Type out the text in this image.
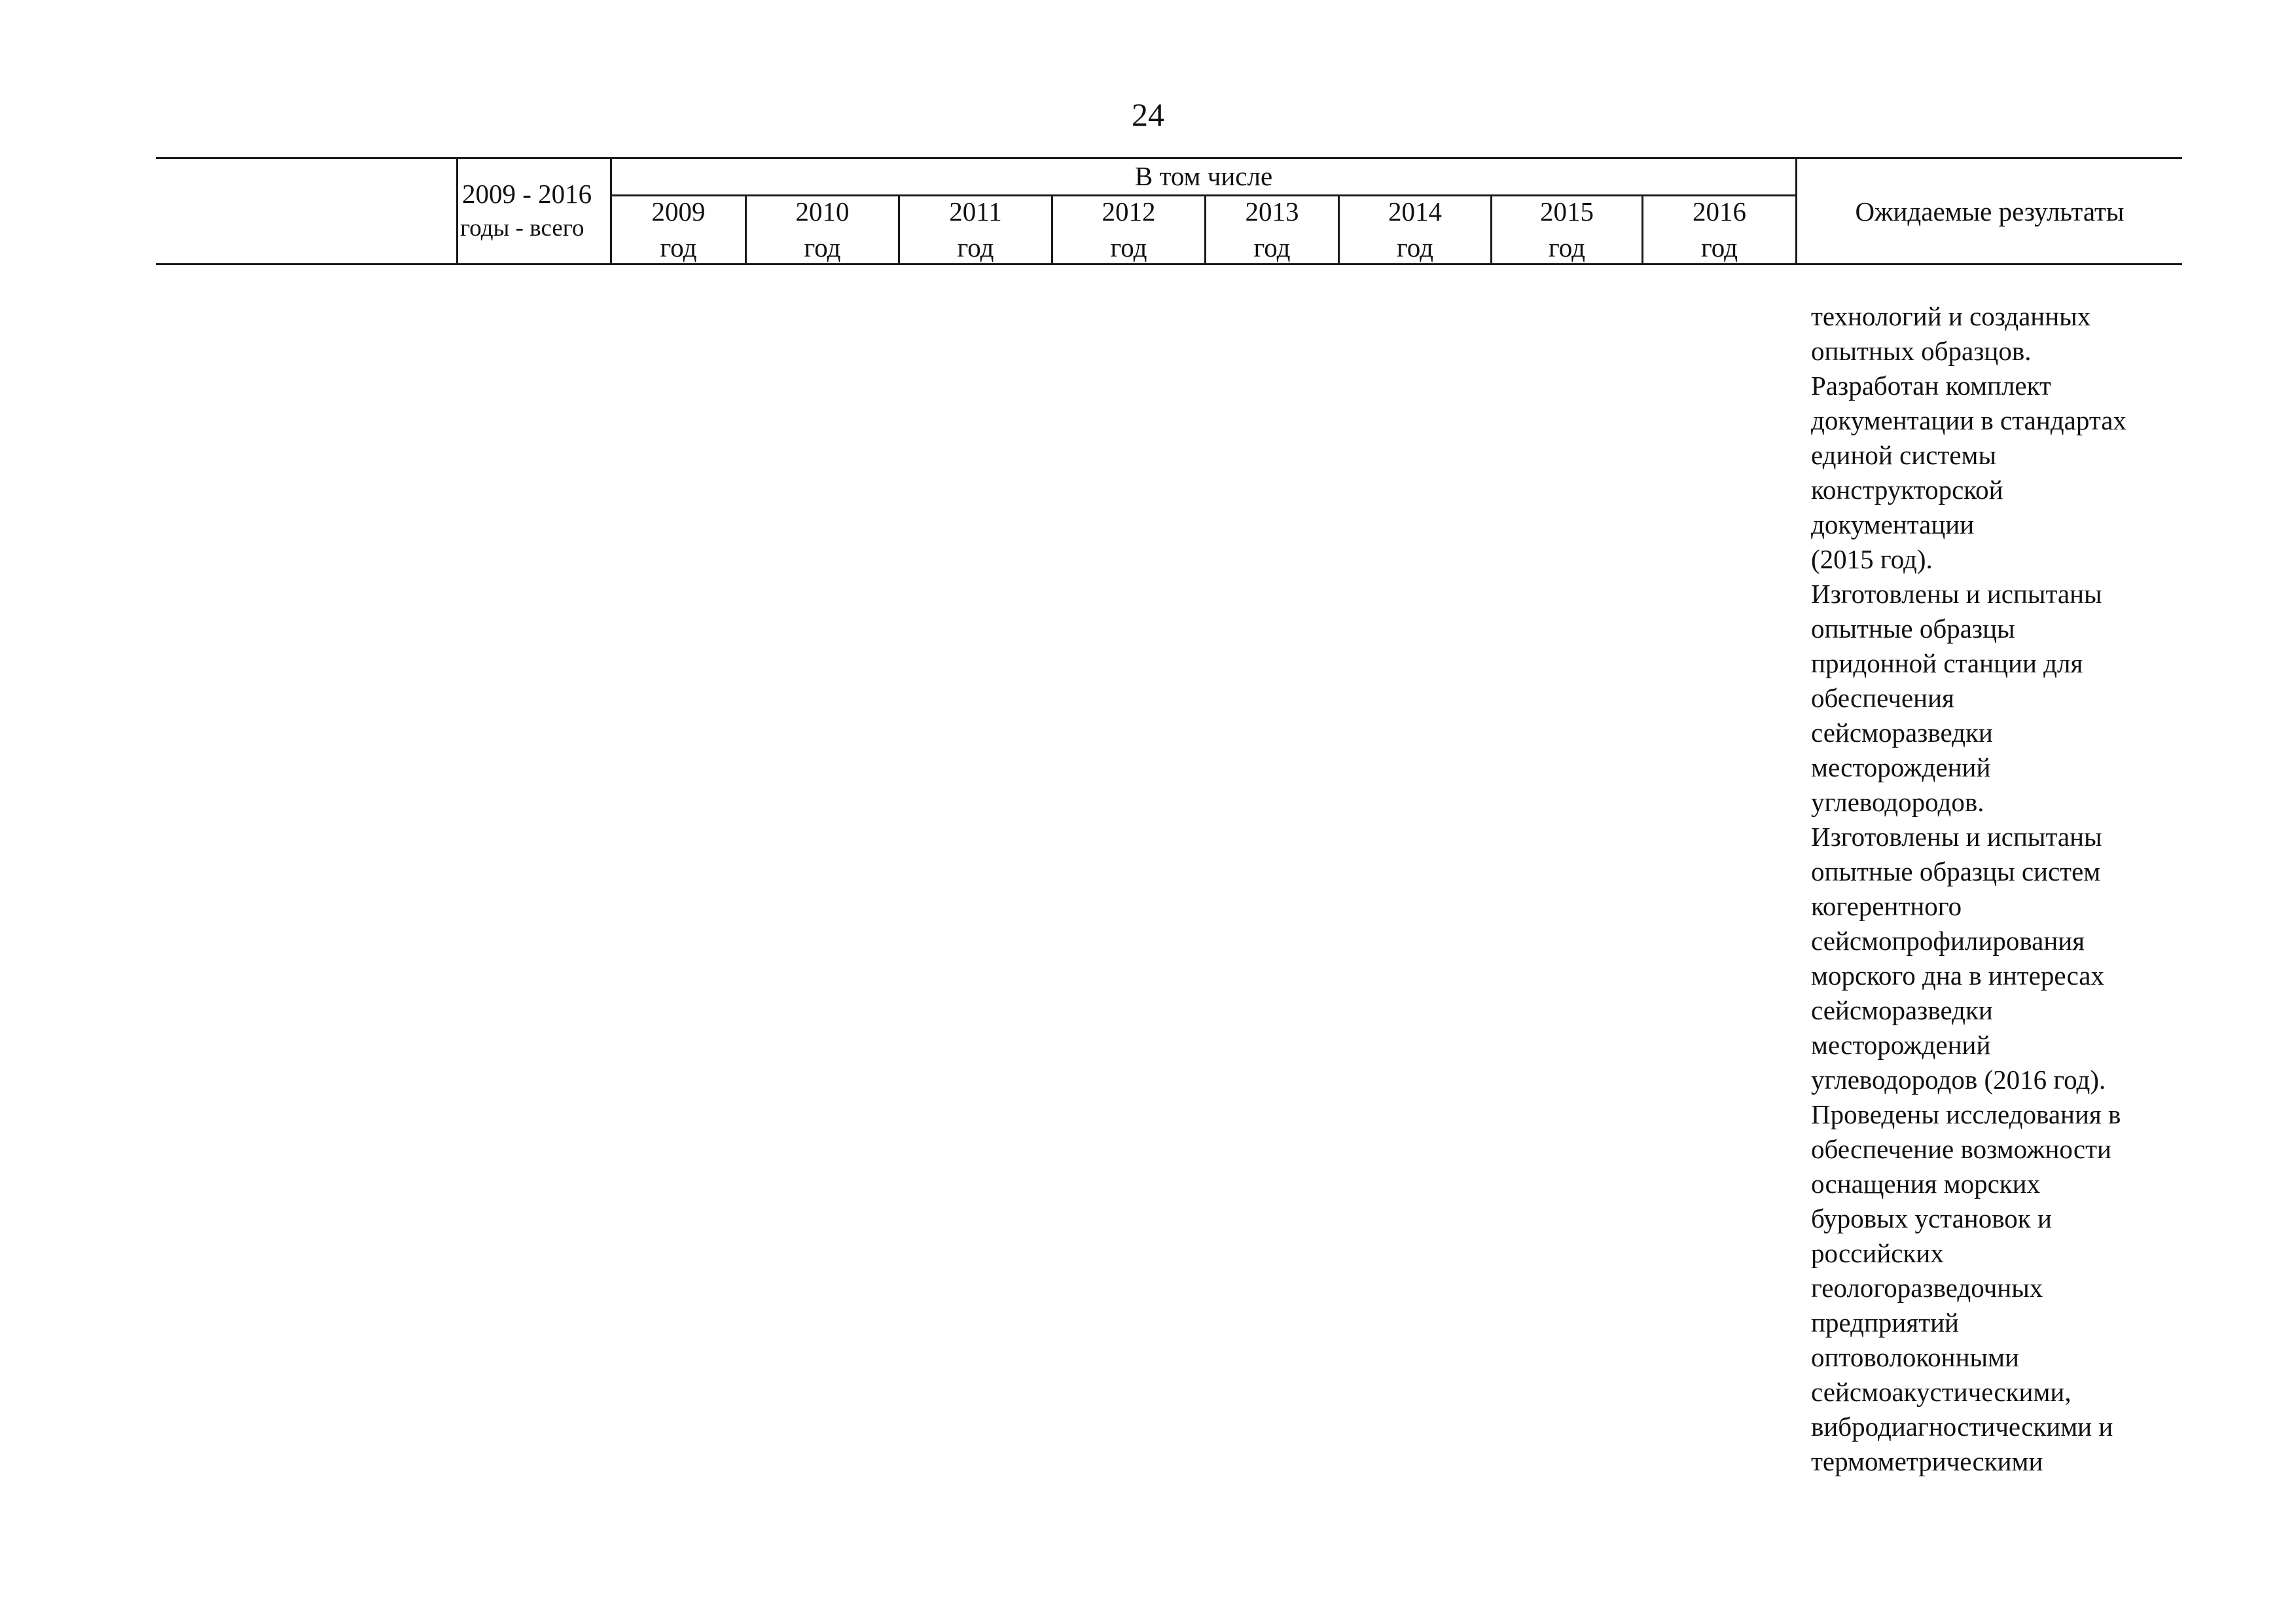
24
2009 - 2016
годы - всего
В том числе
2009
год
2010
год
2011
год
2012
год
2013
год
2014
год
2015
год
2016
год
Ожидаемые результаты
технологий и созданных
опытных образцов.
Разработан комплект
документации в стандартах
единой системы
конструкторской
документации
(2015 год).
Изготовлены и испытаны
опытные образцы
придонной станции для
обеспечения
сейсморазведки
месторождений
углеводородов.
Изготовлены и испытаны
опытные образцы систем
когерентного
сейсмопрофилирования
морского дна в интересах
сейсморазведки
месторождений
углеводородов (2016 год).
Проведены исследования в
обеспечение возможности
оснащения морских
буровых установок и
российских
геологоразведочных
предприятий
оптоволоконными
сейсмоакустическими,
вибродиагностическими и
термометрическими
